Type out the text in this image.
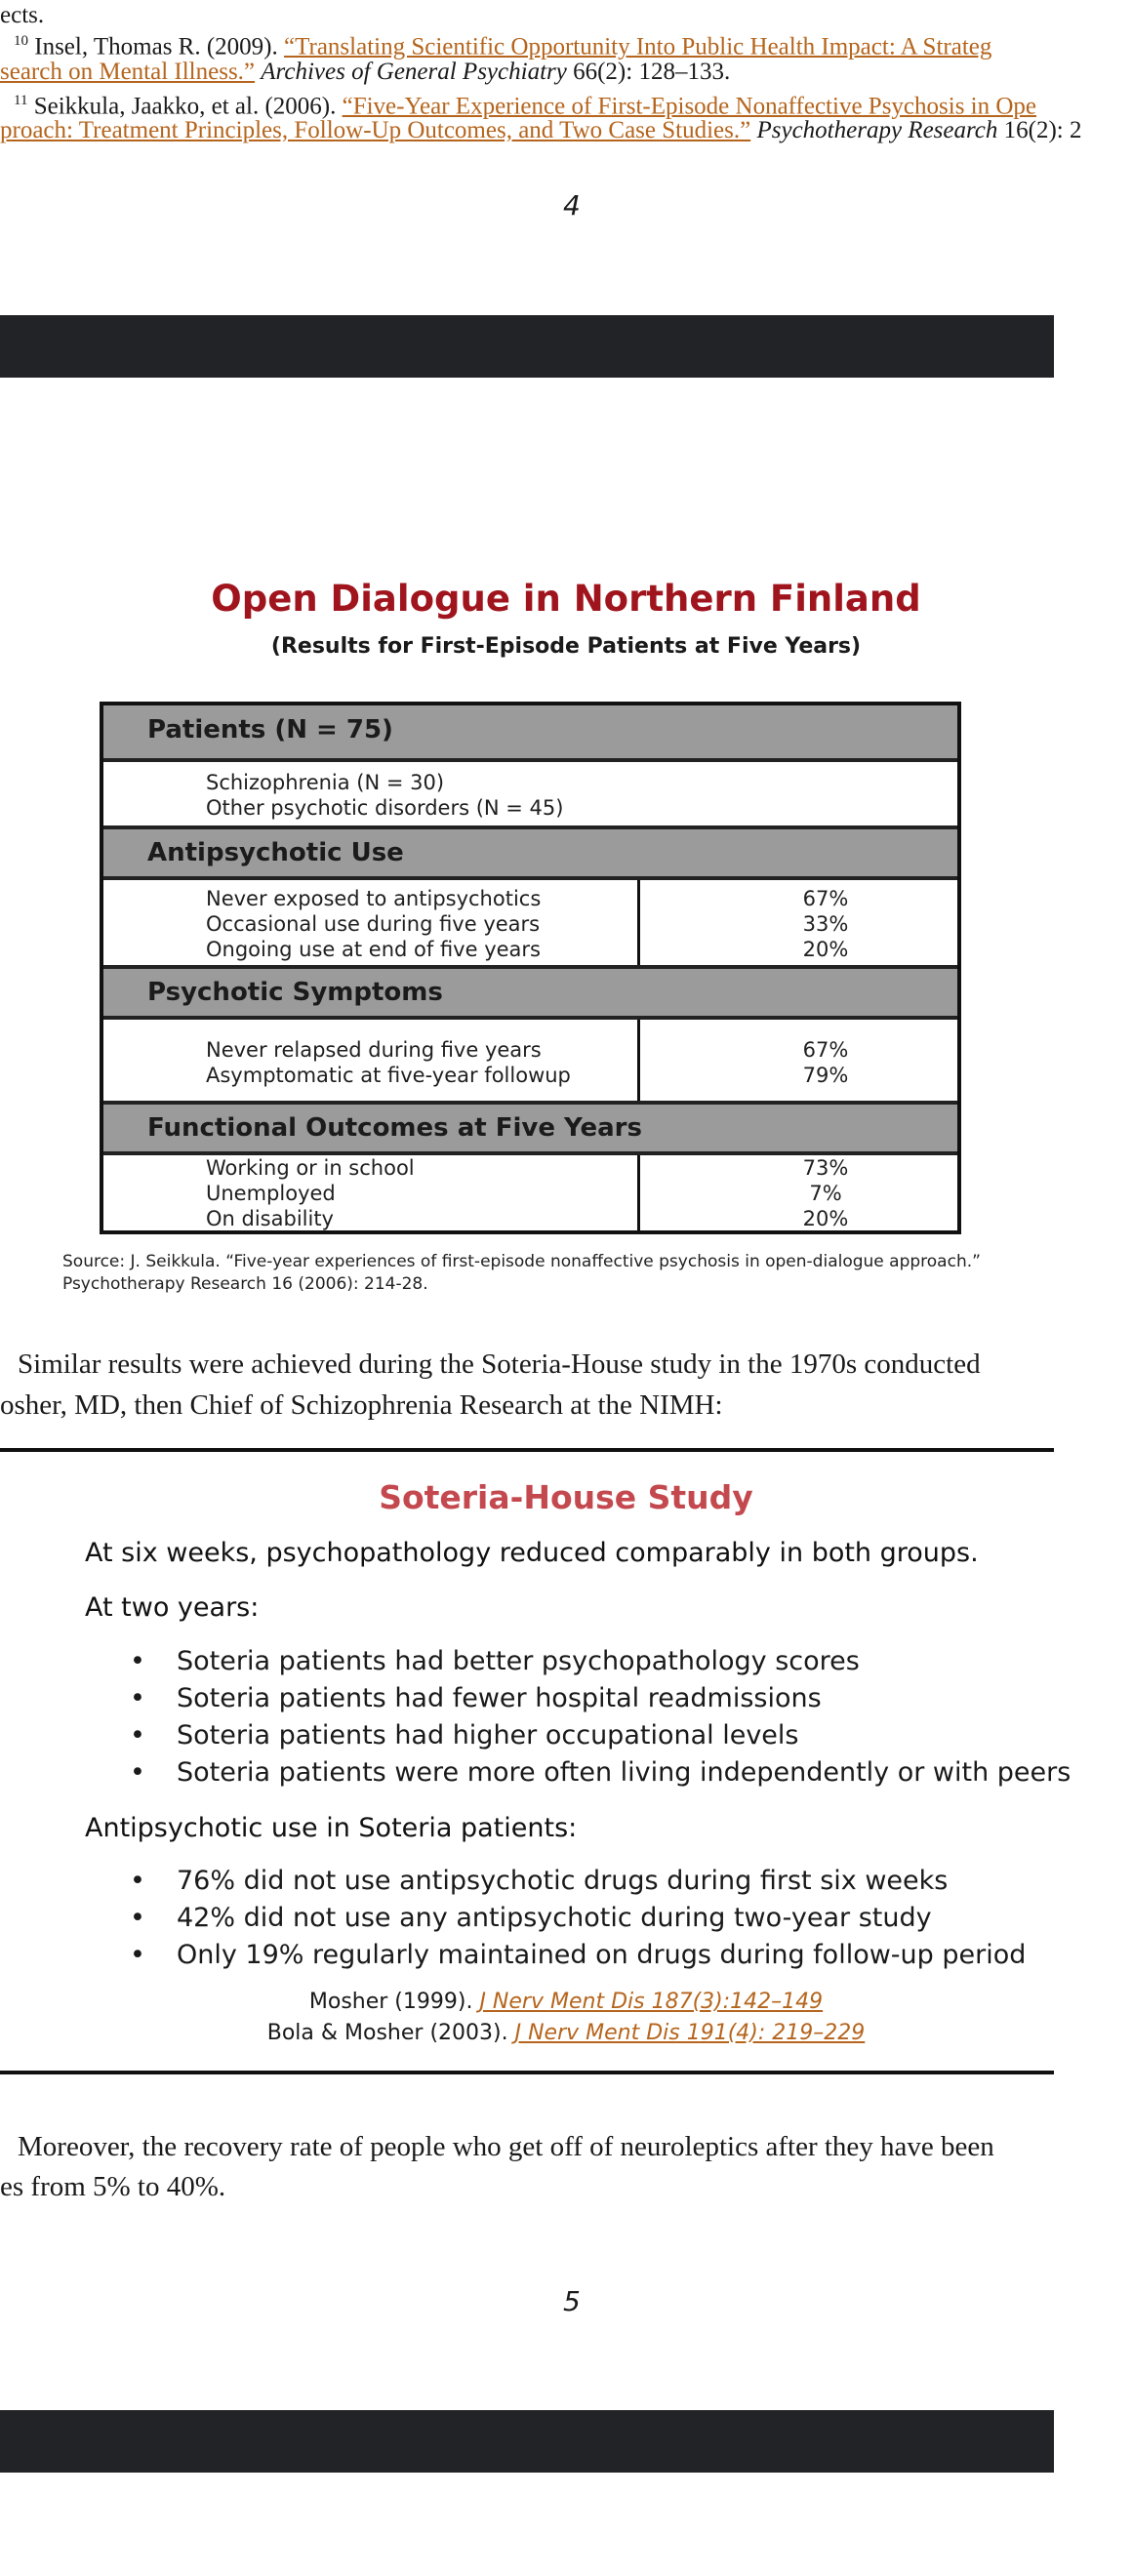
ects.
$^{10}$ Insel, Thomas R. (2009). “Translating Scientific Opportunity Into Public Health Impact: A Strateg
search on Mental Illness.” Archives of General Psychiatry 66(2): 128–133.
$^{11}$ Seikkula, Jaakko, et al. (2006). “Five-Year Experience of First-Episode Nonaffective Psychosis in Ope
proach: Treatment Principles, Follow-Up Outcomes, and Two Case Studies.” Psychotherapy Research 16(2): 2
4
Open Dialogue in Northern Finland
(Results for First-Episode Patients at Five Years)
Patients (N = 75)
Schizophrenia (N = 30)
Other psychotic disorders (N = 45)
Antipsychotic Use
Never exposed to antipsychotics
Occasional use during five years
Ongoing use at end of five years
67%
33%
20%
Psychotic Symptoms
Never relapsed during five years
Asymptomatic at five-year followup
67%
79%
Functional Outcomes at Five Years
Working or in school
Unemployed
On disability
73%
7%
20%
Source: J. Seikkula. “Five-year experiences of first-episode nonaffective psychosis in open-dialogue approach.”
Psychotherapy Research 16 (2006): 214-28.
Similar results were achieved during the Soteria-House study in the 1970s conducted
osher, MD, then Chief of Schizophrenia Research at the NIMH:
Soteria-House Study
At six weeks, psychopathology reduced comparably in both groups.
At two years:
• Soteria patients had better psychopathology scores
• Soteria patients had fewer hospital readmissions
• Soteria patients had higher occupational levels
• Soteria patients were more often living independently or with peers
Antipsychotic use in Soteria patients:
• 76% did not use antipsychotic drugs during first six weeks
• 42% did not use any antipsychotic during two-year study
• Only 19% regularly maintained on drugs during follow-up period
Mosher (1999). J Nerv Ment Dis 187(3):142–149
Bola & Mosher (2003). J Nerv Ment Dis 191(4): 219–229
Moreover, the recovery rate of people who get off of neuroleptics after they have been
es from 5% to 40%.
5
